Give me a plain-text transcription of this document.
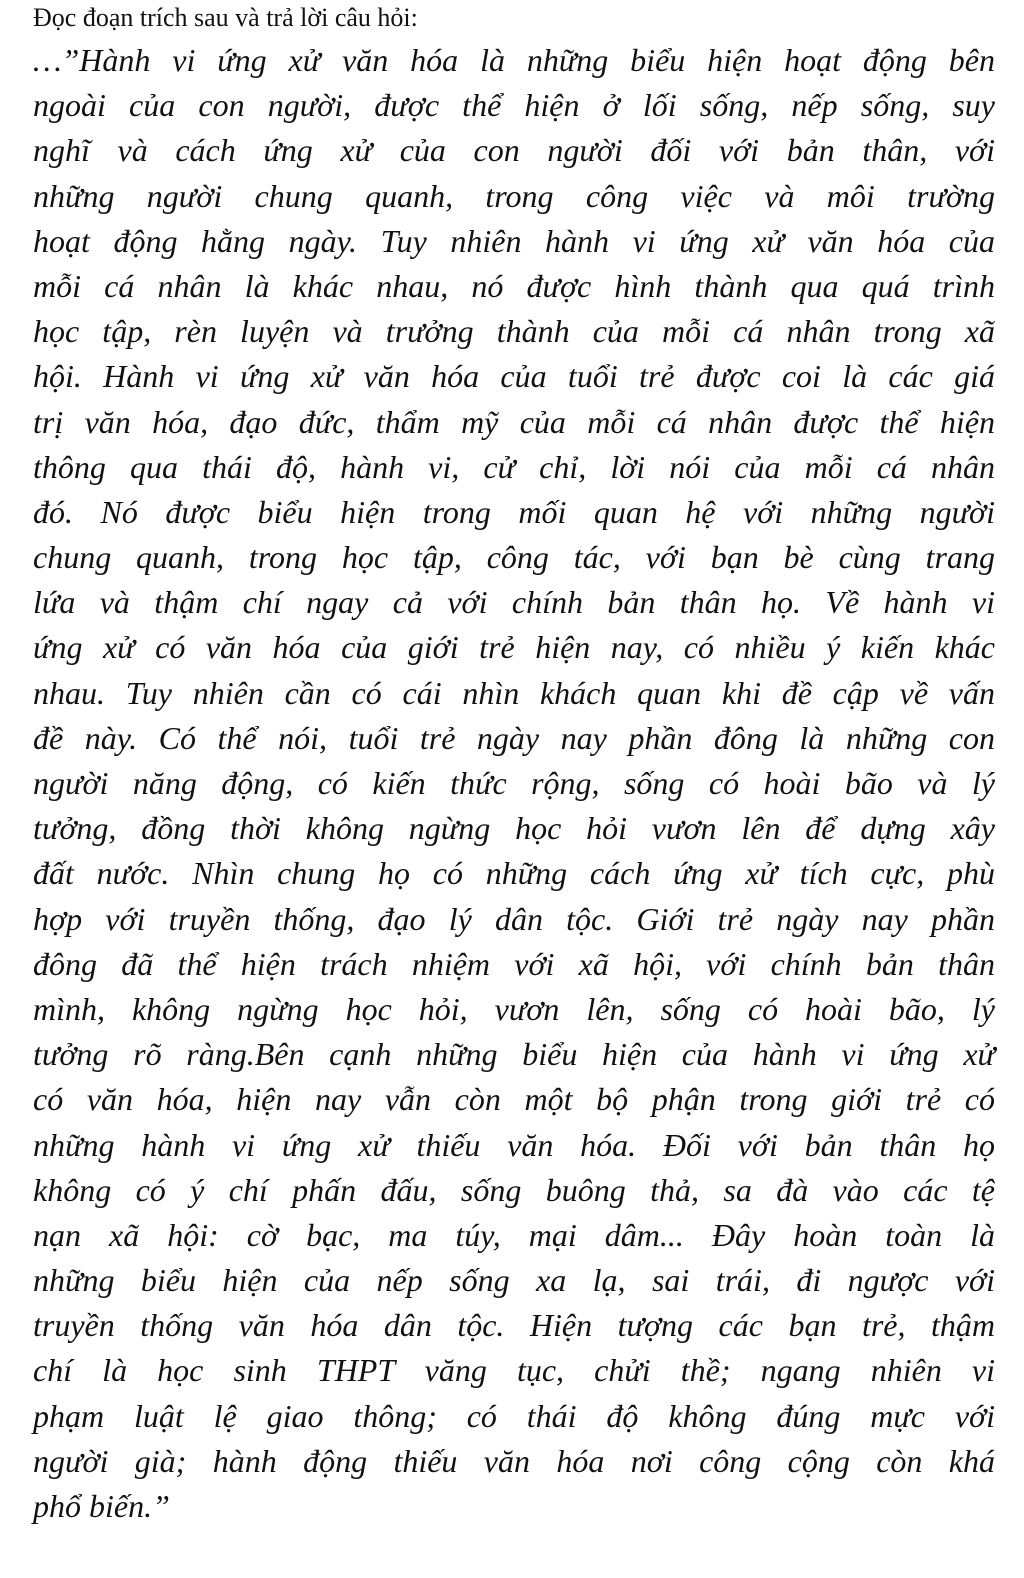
Đọc đoạn trích sau và trả lời câu hỏi:
…”Hành vi ứng xử văn hóa là những biểu hiện hoạt động bên
ngoài của con người, được thể hiện ở lối sống, nếp sống, suy
nghĩ và cách ứng xử của con người đối với bản thân, với
những người chung quanh, trong công việc và môi trường
hoạt động hằng ngày. Tuy nhiên hành vi ứng xử văn hóa của
mỗi cá nhân là khác nhau, nó được hình thành qua quá trình
học tập, rèn luyện và trưởng thành của mỗi cá nhân trong xã
hội. Hành vi ứng xử văn hóa của tuổi trẻ được coi là các giá
trị văn hóa, đạo đức, thẩm mỹ của mỗi cá nhân được thể hiện
thông qua thái độ, hành vi, cử chỉ, lời nói của mỗi cá nhân
đó. Nó được biểu hiện trong mối quan hệ với những người
chung quanh, trong học tập, công tác, với bạn bè cùng trang
lứa và thậm chí ngay cả với chính bản thân họ. Về hành vi
ứng xử có văn hóa của giới trẻ hiện nay, có nhiều ý kiến khác
nhau. Tuy nhiên cần có cái nhìn khách quan khi đề cập về vấn
đề này. Có thể nói, tuổi trẻ ngày nay phần đông là những con
người năng động, có kiến thức rộng, sống có hoài bão và lý
tưởng, đồng thời không ngừng học hỏi vươn lên để dựng xây
đất nước. Nhìn chung họ có những cách ứng xử tích cực, phù
hợp với truyền thống, đạo lý dân tộc. Giới trẻ ngày nay phần
đông đã thể hiện trách nhiệm với xã hội, với chính bản thân
mình, không ngừng học hỏi, vươn lên, sống có hoài bão, lý
tưởng rõ ràng.Bên cạnh những biểu hiện của hành vi ứng xử
có văn hóa, hiện nay vẫn còn một bộ phận trong giới trẻ có
những hành vi ứng xử thiếu văn hóa. Đối với bản thân họ
không có ý chí phấn đấu, sống buông thả, sa đà vào các tệ
nạn xã hội: cờ bạc, ma túy, mại dâm... Đây hoàn toàn là
những biểu hiện của nếp sống xa lạ, sai trái, đi ngược với
truyền thống văn hóa dân tộc. Hiện tượng các bạn trẻ, thậm
chí là học sinh THPT văng tục, chửi thề; ngang nhiên vi
phạm luật lệ giao thông; có thái độ không đúng mực với
người già; hành động thiếu văn hóa nơi công cộng còn khá
phổ biến.”
